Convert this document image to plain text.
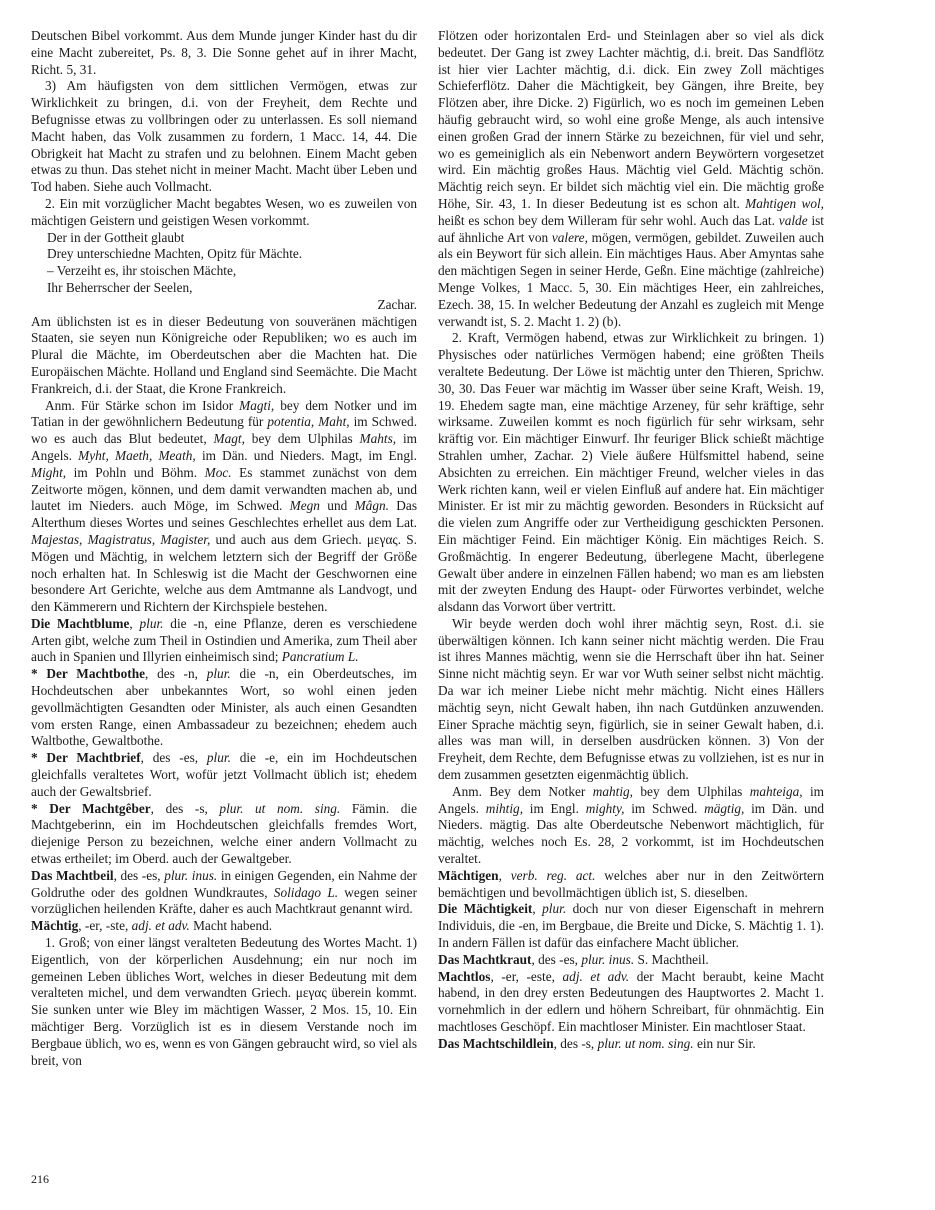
Deutschen Bibel vorkommt. Aus dem Munde junger Kinder hast du dir eine Macht zubereitet, Ps. 8, 3. Die Sonne gehet auf in ihrer Macht, Richt. 5, 31.

3) Am häufigsten von dem sittlichen Vermögen, etwas zur Wirklichkeit zu bringen, d.i. von der Freyheit, dem Rechte und Befugnisse etwas zu vollbringen oder zu unterlassen. Es soll niemand Macht haben, das Volk zusammen zu fordern, 1 Macc. 14, 44. Die Obrigkeit hat Macht zu strafen und zu belohnen. Einem Macht geben etwas zu thun. Das stehet nicht in meiner Macht. Macht über Leben und Tod haben. Siehe auch Vollmacht.

2. Ein mit vorzüglicher Macht begabtes Wesen, wo es zuweilen von mächtigen Geistern und geistigen Wesen vorkommt.

Der in der Gottheit glaubt

Drey unterschiedne Machten, Opitz für Mächte.

– Verzeiht es, ihr stoischen Mächte,

Ihr Beherrscher der Seelen,

Zachar.

Am üblichsten ist es in dieser Bedeutung von souveränen mächtigen Staaten, sie seyen nun Königreiche oder Republiken; wo es auch im Plural die Mächte, im Oberdeutschen aber die Machten hat. Die Europäischen Mächte. Holland und England sind Seemächte. Die Macht Frankreich, d.i. der Staat, die Krone Frankreich.

Anm. Für Stärke schon im Isidor Magti, bey dem Notker und im Tatian in der gewöhnlichern Bedeutung für potentia, Maht, im Schwed. wo es auch das Blut bedeutet, Magt, bey dem Ulphilas Mahts, im Angels. Myht, Maeth, Meath, im Dän. und Nieders. Magt, im Engl. Might, im Pohln und Böhm. Moc. Es stammet zunächst von dem Zeitworte mögen, können, und dem damit verwandten machen ab, und lautet im Nieders. auch Möge, im Schwed. Megn und Mâgn. Das Alterthum dieses Wortes und seines Geschlechtes erhellet aus dem Lat. Majestas, Magistratus, Magister, und auch aus dem Griech. μεγας. S. Mögen und Mächtig, in welchem letztern sich der Begriff der Größe noch erhalten hat. In Schleswig ist die Macht der Geschwornen eine besondere Art Gerichte, welche aus dem Amtmanne als Landvogt, und den Kämmerern und Richtern der Kirchspiele bestehen.

Die Machtblume, plur. die -n, eine Pflanze, deren es verschiedene Arten gibt, welche zum Theil in Ostindien und Amerika, zum Theil aber auch in Spanien und Illyrien einheimisch sind; Pancratium L.

* Der Machtbothe, des -n, plur. die -n, ein Oberdeutsches, im Hochdeutschen aber unbekanntes Wort, so wohl einen jeden gevollmächtigten Gesandten oder Minister, als auch einen Gesandten vom ersten Range, einen Ambassadeur zu bezeichnen; ehedem auch Waltbothe, Gewaltbothe.

* Der Machtbrief, des -es, plur. die -e, ein im Hochdeutschen gleichfalls veraltetes Wort, wofür jetzt Vollmacht üblich ist; ehedem auch der Gewaltsbrief.

* Der Machtgêber, des -s, plur. ut nom. sing. Fämin. die Machtgeberinn, ein im Hochdeutschen gleichfalls fremdes Wort, diejenige Person zu bezeichnen, welche einer andern Vollmacht zu etwas ertheilet; im Oberd. auch der Gewaltgeber.

Das Machtbeil, des -es, plur. inus. in einigen Gegenden, ein Nahme der Goldruthe oder des goldnen Wundkrautes, Solidago L. wegen seiner vorzüglichen heilenden Kräfte, daher es auch Machtkraut genannt wird.

Mächtig, -er, -ste, adj. et adv. Macht habend.

1. Groß; von einer längst veralteten Bedeutung des Wortes Macht. 1) Eigentlich, von der körperlichen Ausdehnung; ein nur noch im gemeinen Leben übliches Wort, welches in dieser Bedeutung mit dem veralteten michel, und dem verwandten Griech. μεγας überein kommt. Sie sunken unter wie Bley im mächtigen Wasser, 2 Mos. 15, 10. Ein mächtiger Berg. Vorzüglich ist es in diesem Verstande noch im Bergbaue üblich, wo es, wenn es von Gängen gebraucht wird, so viel als breit, von

Flötzen oder horizontalen Erd- und Steinlagen aber so viel als dick bedeutet. Der Gang ist zwey Lachter mächtig, d.i. breit. Das Sandflötz ist hier vier Lachter mächtig, d.i. dick. Ein zwey Zoll mächtiges Schieferflötz. Daher die Mächtigkeit, bey Gängen, ihre Breite, bey Flötzen aber, ihre Dicke. 2) Figürlich, wo es noch im gemeinen Leben häufig gebraucht wird, so wohl eine große Menge, als auch intensive einen großen Grad der innern Stärke zu bezeichnen, für viel und sehr, wo es gemeiniglich als ein Nebenwort andern Beywörtern vorgesetzet wird. Ein mächtig großes Haus. Mächtig viel Geld. Mächtig schön. Mächtig reich seyn. Er bildet sich mächtig viel ein. Die mächtig große Höhe, Sir. 43, 1. In dieser Bedeutung ist es schon alt. Mahtigen wol, heißt es schon bey dem Willeram für sehr wohl. Auch das Lat. valde ist auf ähnliche Art von valere, mögen, vermögen, gebildet. Zuweilen auch als ein Beywort für sich allein. Ein mächtiges Haus. Aber Amyntas sahe den mächtigen Segen in seiner Herde, Geßn. Eine mächtige (zahlreiche) Menge Volkes, 1 Macc. 5, 30. Ein mächtiges Heer, ein zahlreiches, Ezech. 38, 15. In welcher Bedeutung der Anzahl es zugleich mit Menge verwandt ist, S. 2. Macht 1. 2) (b).

2. Kraft, Vermögen habend, etwas zur Wirklichkeit zu bringen. 1) Physisches oder natürliches Vermögen habend; eine größten Theils veraltete Bedeutung. Der Löwe ist mächtig unter den Thieren, Sprichw. 30, 30. Das Feuer war mächtig im Wasser über seine Kraft, Weish. 19, 19. Ehedem sagte man, eine mächtige Arzeney, für sehr kräftige, sehr wirksame. Zuweilen kommt es noch figürlich für sehr wirksam, sehr kräftig vor. Ein mächtiger Einwurf. Ihr feuriger Blick schießt mächtige Strahlen umher, Zachar. 2) Viele äußere Hülfsmittel habend, seine Absichten zu erreichen. Ein mächtiger Freund, welcher vieles in das Werk richten kann, weil er vielen Einfluß auf andere hat. Ein mächtiger Minister. Er ist mir zu mächtig geworden. Besonders in Rücksicht auf die vielen zum Angriffe oder zur Vertheidigung geschickten Personen. Ein mächtiger Feind. Ein mächtiger König. Ein mächtiges Reich. S. Großmächtig. In engerer Bedeutung, überlegene Macht, überlegene Gewalt über andere in einzelnen Fällen habend; wo man es am liebsten mit der zweyten Endung des Haupt- oder Fürwortes verbindet, welche alsdann das Vorwort über vertritt.

Wir beyde werden doch wohl ihrer mächtig seyn, Rost. d.i. sie überwältigen können. Ich kann seiner nicht mächtig werden. Die Frau ist ihres Mannes mächtig, wenn sie die Herrschaft über ihn hat. Seiner Sinne nicht mächtig seyn. Er war vor Wuth seiner selbst nicht mächtig. Da war ich meiner Liebe nicht mehr mächtig. Nicht eines Hällers mächtig seyn, nicht Gewalt haben, ihn nach Gutdünken anzuwenden. Einer Sprache mächtig seyn, figürlich, sie in seiner Gewalt haben, d.i. alles was man will, in derselben ausdrücken können. 3) Von der Freyheit, dem Rechte, dem Befugnisse etwas zu vollziehen, ist es nur in dem zusammen gesetzten eigenmächtig üblich.

Anm. Bey dem Notker mahtig, bey dem Ulphilas mahteiga, im Angels. mihtig, im Engl. mighty, im Schwed. mägtig, im Dän. und Nieders. mägtig. Das alte Oberdeutsche Nebenwort mächtiglich, für mächtig, welches noch Es. 28, 2 vorkommt, ist im Hochdeutschen veraltet.

Mächtigen, verb. reg. act. welches aber nur in den Zeitwörtern bemächtigen und bevollmächtigen üblich ist, S. dieselben.

Die Mächtigkeit, plur. doch nur von dieser Eigenschaft in mehrern Individuis, die -en, im Bergbaue, die Breite und Dicke, S. Mächtig 1. 1). In andern Fällen ist dafür das einfachere Macht üblicher.

Das Machtkraut, des -es, plur. inus. S. Machtheil.

Machtlos, -er, -este, adj. et adv. der Macht beraubt, keine Macht habend, in den drey ersten Bedeutungen des Hauptwortes 2. Macht 1. vornehmlich in der edlern und höhern Schreibart, für ohnmächtig. Ein machtloses Geschöpf. Ein machtloser Minister. Ein machtloser Staat.

Das Machtschildlein, des -s, plur. ut nom. sing. ein nur Sir.

216
